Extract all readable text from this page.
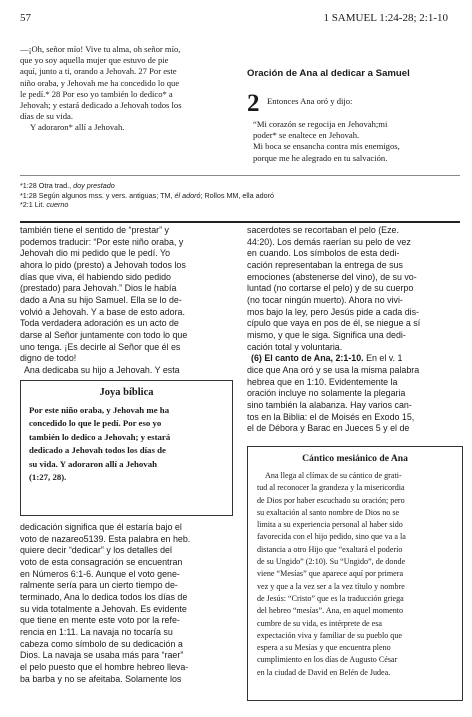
57	1 SAMUEL 1:24-28; 2:1-10
—¡Oh, señor mío! Vive tu alma, oh señor mío,
que yo soy aquella mujer que estuvo de pie
aquí, junto a ti, orando a Jehovah. 27 Por este
niño oraba, y Jehovah me ha concedido lo que
le pedí.* 28 Por eso yo también lo dedico* a
Jehovah; y estará dedicado a Jehovah todos los
días de su vida.
Y adoraron* allí a Jehovah.
Oración de Ana al dedicar a Samuel
2 Entonces Ana oró y dijo:
“Mi corazón se regocija en Jehovah;mi
poder* se enaltece en Jehovah.
Mi boca se ensancha contra mis enemigos,
porque me he alegrado en tu salvación.
*1:28 Otra trad., doy prestado
*1:28 Según algunos mss. y vers. antiguas; TM, él adoró; Rollos MM, ella adoró
*2:1 Lit. cuerno

también tiene el sentido de “prestar” y

podemos traducir: “Por este niño oraba, y

Jehovah dio mi pedido que le pedí. Yo

ahora lo pido (presto) a Jehovah todos los

días que viva, él habiendo sido pedido

(prestado) para Jehovah.” Dios le había

dado a Ana su hijo Samuel. Ella se lo de-

volvió a Jehovah. Y a base de esto adora.

Toda verdadera adoración es un acto de

darse al Señor juntamente con todo lo que

uno tenga. ¡Es decirle al Señor que él es

digno de todo!

Ana dedicaba su hijo a Jehovah. Y esta

Joya bíblica
Por este niño oraba, y Jehovah me ha
concedido lo que le pedí. Por eso yo
también lo dedico a Jehovah; y estará
dedicado a Jehovah todos los días de
su vida. Y adoraron allí a Jehovah
(1:27, 28).

dedicación significa que él estaría bajo el

voto de nazareo5139. Esta palabra en heb.

quiere decir “dedicar” y los detalles del

voto de esta consagración se encuentran

en Números 6:1-6. Aunque el voto gene-

ralmente sería para un cierto tiempo de-

terminado, Ana lo dedica todos los días de

su vida totalmente a Jehovah. Es evidente

que tiene en mente este voto por la refe-

rencia en 1:11. La navaja no tocaría su

cabeza como símbolo de su dedicación a

Dios. La navaja se usaba más para “raer”

el pelo puesto que el hombre hebreo lleva-

ba barba y no se afeitaba. Solamente los

sacerdotes se recortaban el pelo (Eze.

44:20). Los demás raerían su pelo de vez

en cuando. Los símbolos de esta dedi-

cación representaban la entrega de sus

emociones (abstenerse del vino), de su vo-

luntad (no cortarse el pelo) y de su cuerpo

(no tocar ningún muerto). Ahora no vivi-

mos bajo la ley, pero Jesús pide a cada dis-

cípulo que vaya en pos de él, se niegue a sí

mismo, y que le siga. Significa una dedi-

cación total y voluntaria.

(6) El canto de Ana, 2:1-10. En el v. 1

dice que Ana oró y se usa la misma palabra

hebrea que en 1:10. Evidentemente la

oración incluye no solamente la plegaria

sino también la alabanza. Hay varios can-

tos en la Biblia: el de Moisés en Exodo 15,

el de Débora y Barac en Jueces 5 y el de

Cántico mesiánico de Ana
Ana llega al clímax de su cántico de grati-
tud al reconocer la grandeza y la misericordia
de Dios por haber escuchado su oración; pero
su exaltación al santo nombre de Dios no se
limita a su experiencia personal al haber sido
favorecida con el hijo pedido, sino que va a la
distancia a otro Hijo que “exaltará el poderío
de su Ungido” (2:10). Su “Ungido”, de donde
viene “Mesías” que aparece aquí por primera
vez y que a la vez ser a la vez título y nombre
de Jesús: “Cristo” que es la traducción griega
del hebreo “mesías”. Ana, en aquel momento
cumbre de su vida, es intérprete de esa
expectación viva y familiar de su pueblo que
espera a su Mesías y que encuentra pleno
cumplimiento en los días de Augusto César
en la ciudad de David en Belén de Judea.
